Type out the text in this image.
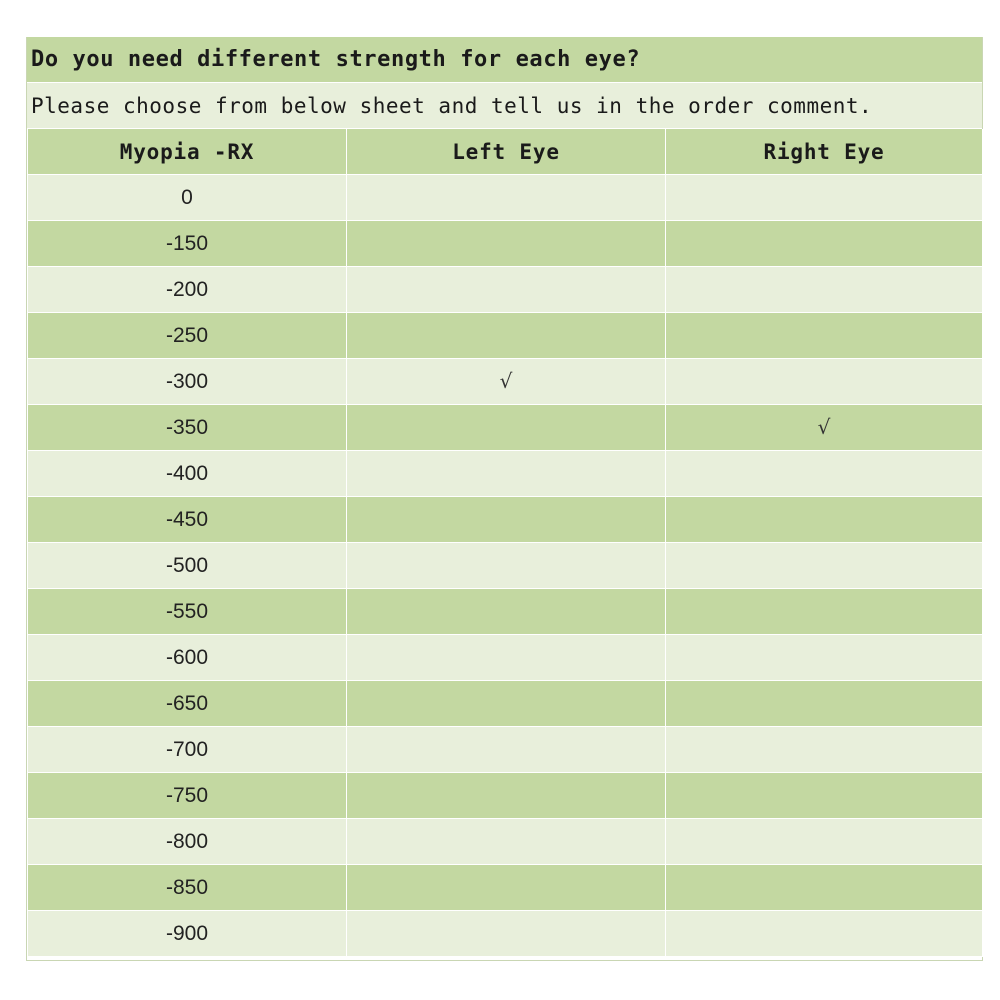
Do you need different strength for each eye?
Please choose from below sheet and tell us in the order comment.
Myopia -RX	Left Eye	Right Eye
0		
-150		
-200		
-250		
-300	√	
-350		√
-400		
-450		
-500		
-550		
-600		
-650		
-700		
-750		
-800		
-850		
-900		
